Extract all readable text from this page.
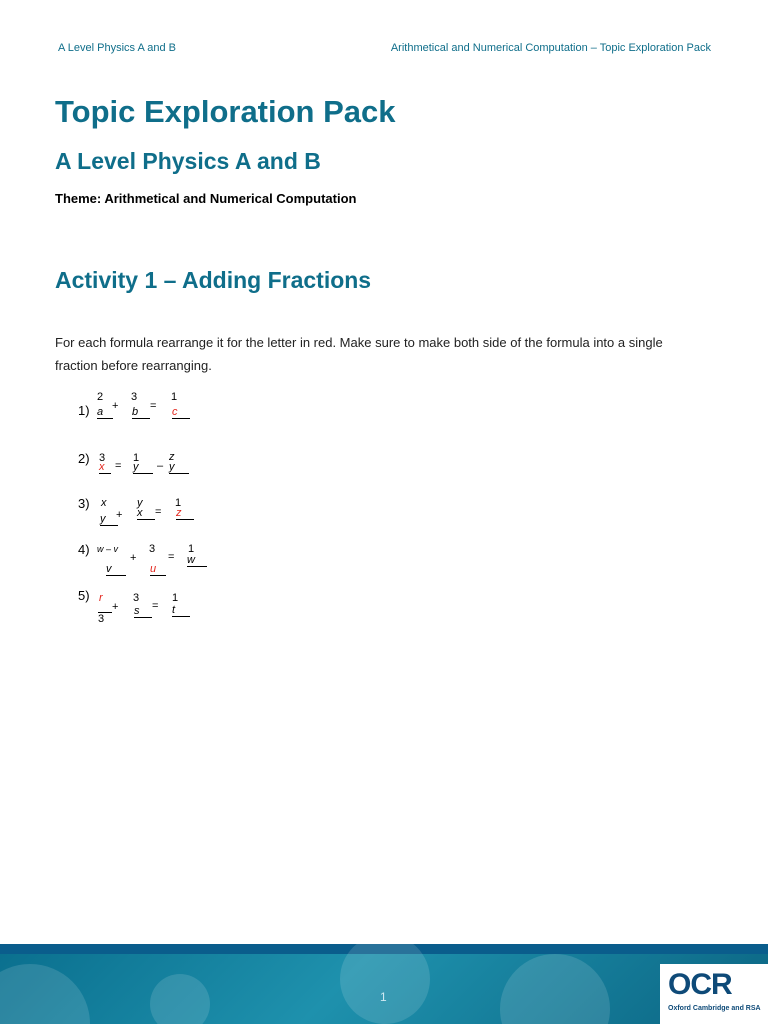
A Level Physics A and B	Arithmetical and Numerical Computation – Topic Exploration Pack
Topic Exploration Pack
A Level Physics A and B
Theme: Arithmetical and Numerical Computation
Activity 1 – Adding Fractions
For each formula rearrange it for the letter in red. Make sure to make both side of the formula into a single fraction before rearranging.
1)
2
+
3
=
1
a	b	c
2) 3	1	z
x = y	– y
3) x	y	1
y + x	= z
4) w – v	3	1
v
+
u
= w
5) r
+
3
=
1
3
s	t
1	OCR
Oxford Cambridge and RSA
